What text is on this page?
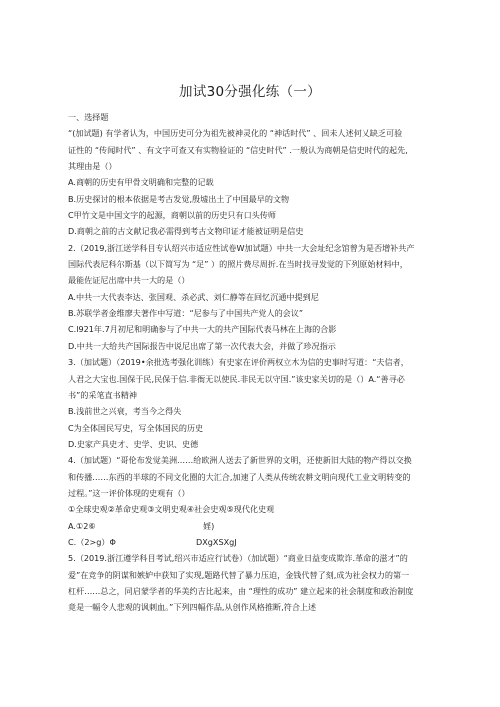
加试30分强化练（一）
一、选择题
“(加试题) 有学者认为，中国历史可分为祖先被神灵化的 “神话时代” 、回未人述何乂缺乏可验
证性的 “传闻时代” 、有文字可查又有实物验证的 “信史时代” .一般认为商朝是信史时代的起先,
其理由是（）
A.商朝的历史有甲骨文明确和完整的记载
B.历史探讨的根本依据是考古发觉,殷墟出土了中国最早的文物
C甲竹文是中国文字的起源，商朝以前的历史只有口头传师
D.商朝之前的古文献记我必需得到考古文物印证才能被证明是信史
2.（2019,浙江送学科目专认绍兴市适应性试卷W加试题）中共一大会址纪念馆曾为是否增补共产
国际代表尼科尔斯基（以下简写为 “足” ）的照片费尽周折.在当时找寻发觉的下列原始材料中，
最能佐证尼出席中共一大的是（）
A.中共一大代表李达、张国观、杀必武、刘仁静等在回忆沉通中提到尼
B.苏联学者金维廖夫著作中写道：“尼参与了中国共产党人的会议”
C.l921年.7月初尼和明确参与了中共一大的共产国际代表马林在上海的合影
D.中共一大给共产国际报告中说尼出席了第一次代表大会，并做了珍况指示
3.（加试题）（2019•余批选考强化训练）有史家在评价两权立木为信的史事时写道：“夫信者，
人君之大宝也.国保于民,民保于信.非衙无以使民.非民无以守国.”该史家关切的是（）A.“善寻必
书”的采笔直书精神
B.浅前世之兴衰，考当今之得失
C为全体国民写史，写全体国民的历史
D.史家产具史才、史学、史识、史德
4.（加试题）“哥伦布发觉美洲……给欧洲人送去了新世界的文明，还使新旧大陆的物产得以交换
和传播……东西的半球的不同文化圈的大汇合,加速了人类从传统农耕文明向现代工业文明转变的
过程。”这一评价体现的史观有（）
①全球史观②革命史观③文明史观④社会史观⑤现代化史观
A.①2⑥	婬)
C.（2>g）Φ	DXgXSXgJ
5.（2019.浙江遵学科目考试,绍兴市适应行试卷）（加试题）“商业日益变成欺诈.革命的滋才”的
爱”在竞争的阴谋和嫉妒中获知了实现,题路代替了暴力压迫，金钱代替了刻,成为社会权力的第一
杠杆……总之，同启蒙学者的华美约吉比起来，由 “理性的成功” 建立起来的社会制度和政治制度
竟是一幅令人悲观的讽刺血。”下列四幅作品,从创作风格推断,符合上述
